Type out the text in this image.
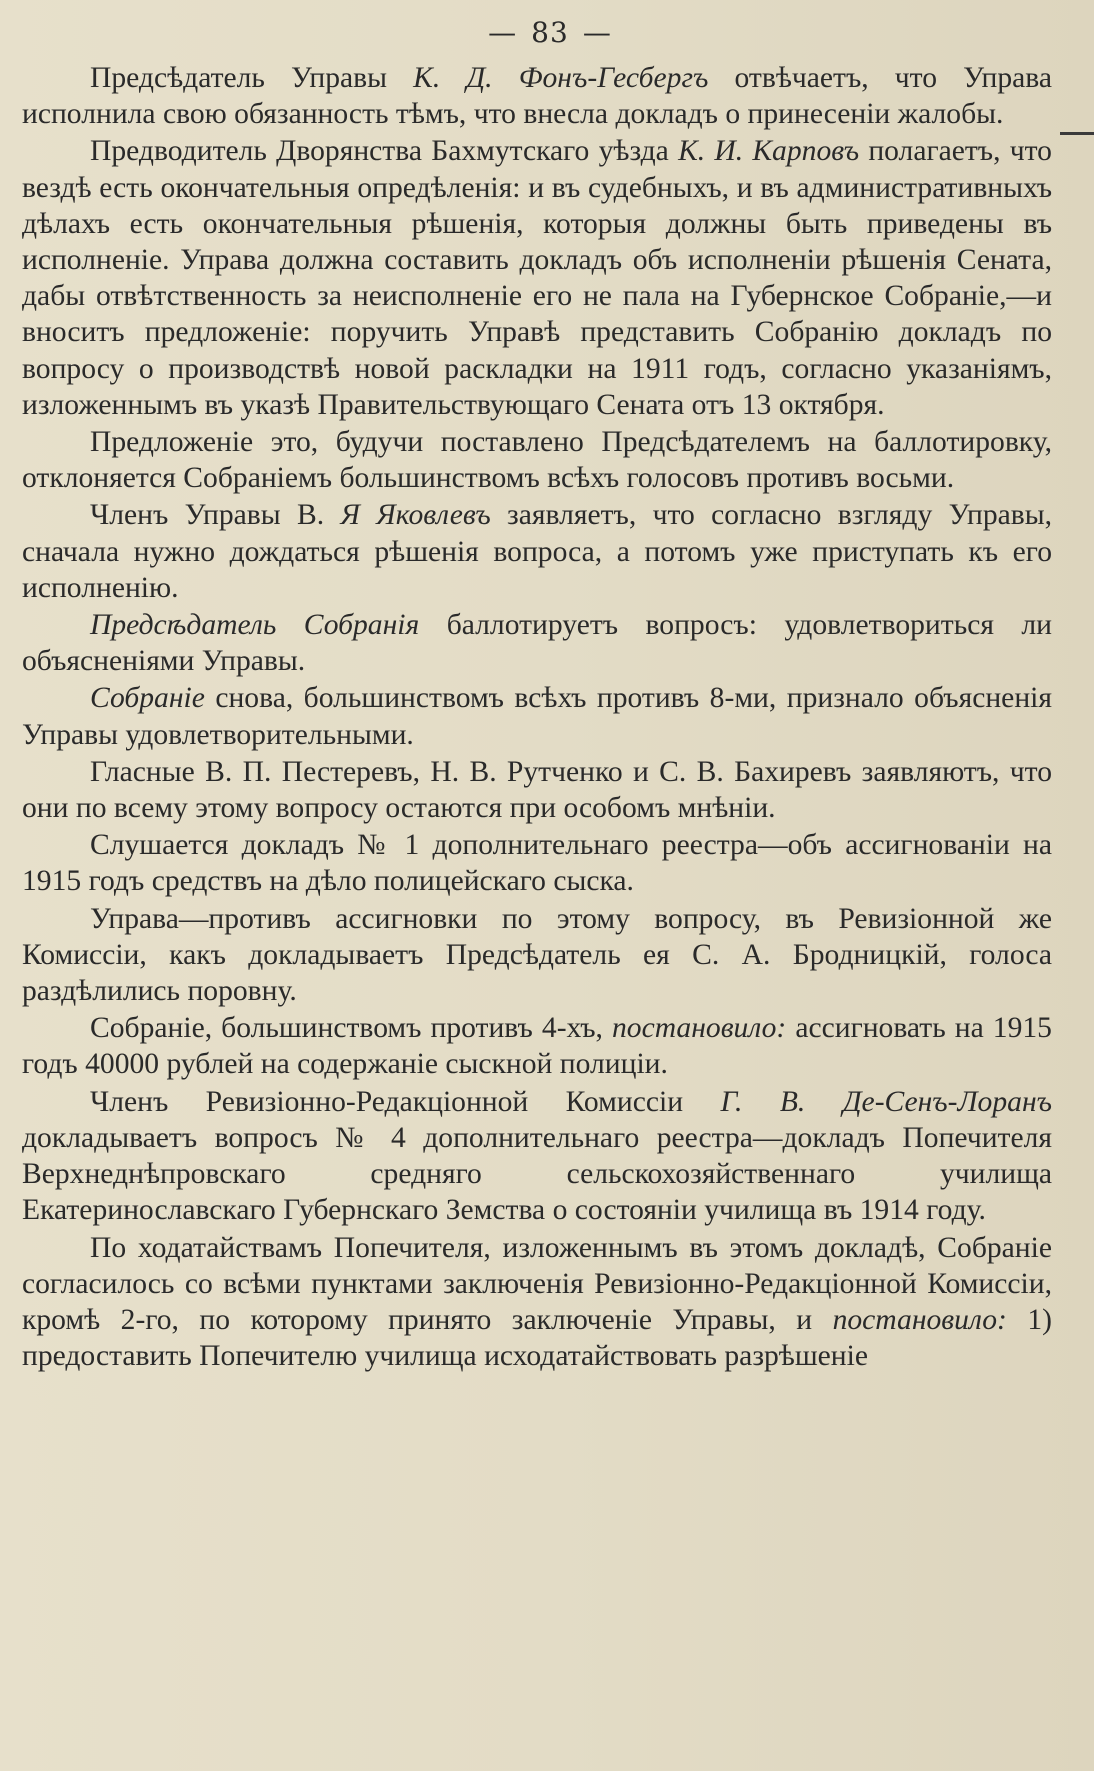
— 83 —

Предсѣдатель Управы К. Д. Фонъ-Гесбергъ отвѣчаетъ, что Управа исполнила свою обязанность тѣмъ, что внесла докладъ о принесеніи жалобы.

Предводитель Дворянства Бахмутскаго уѣзда К. И. Карповъ полагаетъ, что вездѣ есть окончательныя опредѣленія: и въ судебныхъ, и въ административныхъ дѣлахъ есть окончательныя рѣшенія, которыя должны быть приведены въ исполненіе. Управа должна составить докладъ объ исполненіи рѣшенія Сената, дабы отвѣтственность за неисполненіе его не пала на Губернское Собраніе,—и вноситъ предложеніе: поручить Управѣ представить Собранію докладъ по вопросу о производствѣ новой раскладки на 1911 годъ, согласно указаніямъ, изложеннымъ въ указѣ Правительствующаго Сената отъ 13 октября.

Предложеніе это, будучи поставлено Предсѣдателемъ на баллотировку, отклоняется Собраніемъ большинствомъ всѣхъ голосовъ противъ восьми.

Членъ Управы В. Я Яковлевъ заявляетъ, что согласно взгляду Управы, сначала нужно дождаться рѣшенія вопроса, а потомъ уже приступать къ его исполненію.

Предсѣдатель Собранія баллотируетъ вопросъ: удовлетвориться ли объясненіями Управы.

Собраніе снова, большинствомъ всѣхъ противъ 8-ми, признало объясненія Управы удовлетворительными.

Гласные В. П. Пестеревъ, Н. В. Рутченко и С. В. Бахиревъ заявляютъ, что они по всему этому вопросу остаются при особомъ мнѣніи.

Слушается докладъ № 1 дополнительнаго реестра—объ ассигнованіи на 1915 годъ средствъ на дѣло полицейскаго сыска.

Управа—противъ ассигновки по этому вопросу, въ Ревизіонной же Комиссіи, какъ докладываетъ Предсѣдатель ея С. А. Бродницкій, голоса раздѣлились поровну.

Собраніе, большинствомъ противъ 4-хъ, постановило: ассигновать на 1915 годъ 40000 рублей на содержаніе сыскной полиціи.

Членъ Ревизіонно-Редакціонной Комиссіи Г. В. Де-Сенъ-Лоранъ докладываетъ вопросъ № 4 дополнительнаго реестра—докладъ Попечителя Верхнеднѣпровскаго средняго сельскохозяйственнаго училища Екатеринославскаго Губернскаго Земства о состояніи училища въ 1914 году.

По ходатайствамъ Попечителя, изложеннымъ въ этомъ докладѣ, Собраніе согласилось со всѣми пунктами заключенія Ревизіонно-Редакціонной Комиссіи, кромѣ 2-го, по которому принято заключеніе Управы, и постановило: 1) предоставить Попечителю училища исходатайствовать разрѣшеніе
